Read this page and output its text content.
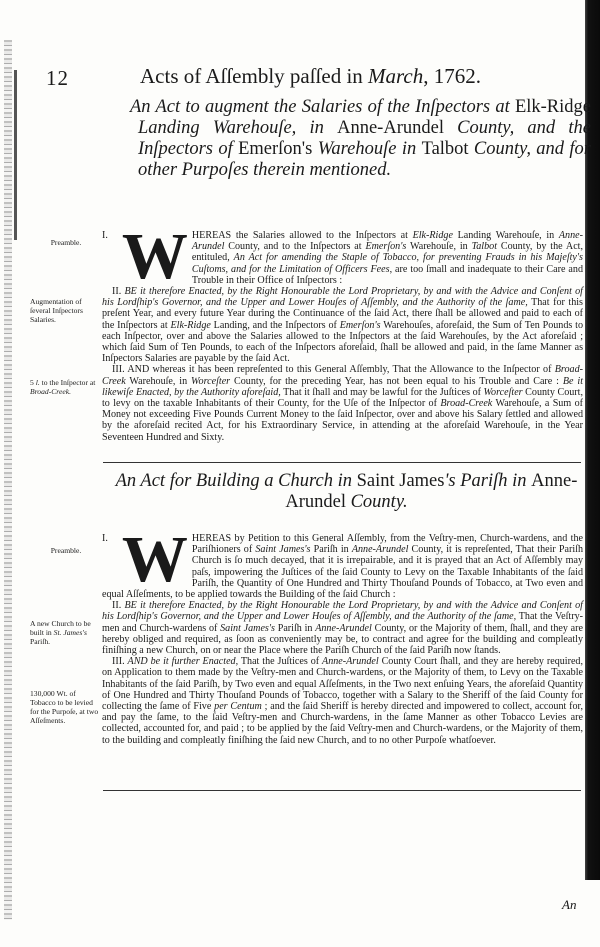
12	Acts of Aſſembly paſſed in March, 1762.
An Act to augment the Salaries of the Inſpectors at Elk-Ridge Landing Warehouſe, in Anne-Arundel County, and the Inſpectors of Emerſon's Warehouſe in Talbot County, and for other Purpoſes therein mentioned.

I. W HEREAS the Salaries allowed to the Inſpectors at Elk-Ridge Landing Warehouſe, in Anne-Arundel County, and to the Inſpectors at Emerſon's Warehouſe, in Talbot County, by the Act, entituled, An Act for amending the Staple of Tobacco, for preventing Frauds in his Majeſty's Cuſtoms, and for the Limitation of Officers Fees, are too ſmall and inadequate to their Care and Trouble in their Office of Inſpectors :

II. BE it therefore Enacted, by the Right Honourable the Lord Proprietary, by and with the Advice and Conſent of his Lordſhip's Governor, and the Upper and Lower Houſes of Aſſembly, and the Authority of the ſame, That for this preſent Year, and every future Year during the Continuance of the ſaid Act, there ſhall be allowed and paid to each of the Inſpectors at Elk-Ridge Landing, and the Inſpectors of Emerſon's Warehouſes, aforeſaid, the Sum of Ten Pounds to each Inſpector, over and above the Salaries allowed to the Inſpectors at the ſaid Warehouſes, by the Act aforeſaid ; which ſaid Sum of Ten Pounds, to each of the Inſpectors aforeſaid, ſhall be allowed and paid, in the ſame Manner as Inſpectors Salaries are payable by the ſaid Act.

III. AND whereas it has been repreſented to this General Aſſembly, That the Allowance to the Inſpector of Broad-Creek Warehouſe, in Worceſter County, for the preceding Year, has not been equal to his Trouble and Care : Be it likewiſe Enacted, by the Authority aforeſaid, That it ſhall and may be lawful for the Juſtices of Worceſter County Court, to levy on the taxable Inhabitants of their County, for the Uſe of the Inſpector of Broad-Creek Warehouſe, a Sum of Money not exceeding Five Pounds Current Money to the ſaid Inſpector, over and above his Salary ſettled and allowed by the aforeſaid recited Act, for his Extraordinary Service, in attending at the aforeſaid Warehouſe, in the Year Seventeen Hundred and Sixty.

Preamble.
Augmentation of ſeveral Inſpectors Salaries.
5 l. to the Inſpector at Broad-Creek.
An Act for Building a Church in Saint James's Pariſh in Anne-Arundel County.

I. W HEREAS by Petition to this General Aſſembly, from the Veſtry-men, Church-wardens, and the Pariſhioners of Saint James's Pariſh in Anne-Arundel County, it is repreſented, That their Pariſh Church is ſo much decayed, that it is irrepairable, and it is prayed that an Act of Aſſembly may paſs, impowering the Juſtices of the ſaid County to Levy on the Taxable Inhabitants of the ſaid Pariſh, the Quantity of One Hundred and Thirty Thouſand Pounds of Tobacco, at Two even and equal Aſſeſments, to be applied towards the Building of the ſaid Church :

II. BE it therefore Enacted, by the Right Honourable the Lord Proprietary, by and with the Advice and Conſent of his Lordſhip's Governor, and the Upper and Lower Houſes of Aſſembly, and the Authority of the ſame, That the Veſtry-men and Church-wardens of Saint James's Pariſh in Anne-Arundel County, or the Majority of them, ſhall, and they are hereby obliged and required, as ſoon as conveniently may be, to contract and agree for the building and compleatly finiſhing a new Church, on or near the Place where the Pariſh Church of the ſaid Pariſh now ſtands.

III. AND be it further Enacted, That the Juſtices of Anne-Arundel County Court ſhall, and they are hereby required, on Application to them made by the Veſtry-men and Church-wardens, or the Majority of them, to Levy on the Taxable Inhabitants of the ſaid Pariſh, by Two even and equal Aſſeſments, in the Two next enſuing Years, the aforeſaid Quantity of One Hundred and Thirty Thouſand Pounds of Tobacco, together with a Salary to the Sheriff of the ſaid County for collecting the ſame of Five per Centum ; and the ſaid Sheriff is hereby directed and impowered to collect, account for, and pay the ſame, to the ſaid Veſtry-men and Church-wardens, in the ſame Manner as other Tobacco Levies are collected, accounted for, and paid ; to be applied by the ſaid Veſtry-men and Church-wardens, or the Majority of them, to the building and compleatly finiſhing the ſaid new Church, and to no other Purpoſe whatſoever.

Preamble.
A new Church to be built in St. James's Pariſh.
130,000 Wt. of Tobacco to be levied for the Purpoſe, at two Aſſeſments.
An
